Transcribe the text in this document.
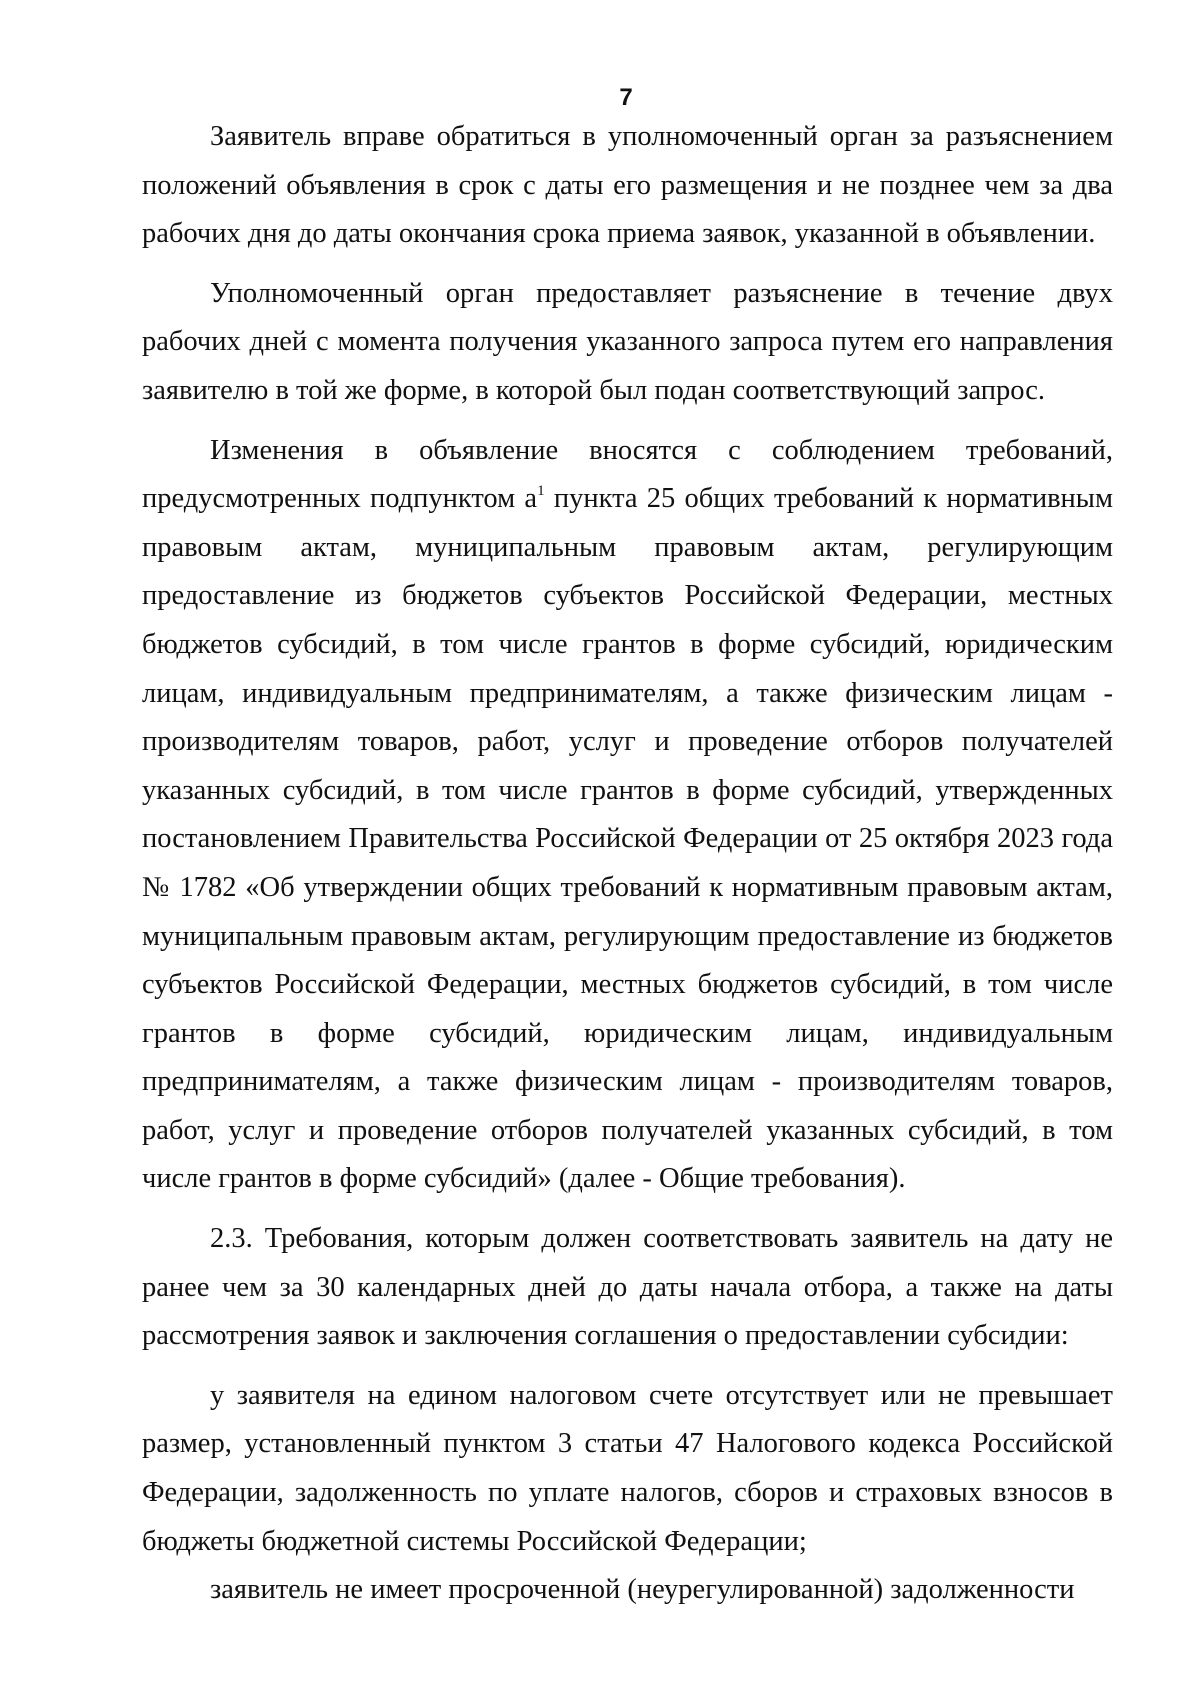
7

Заявитель вправе обратиться в уполномоченный орган за разъяснением положений объявления в срок с даты его размещения и не позднее чем за два рабочих дня до даты окончания срока приема заявок, указанной в объявлении.

Уполномоченный орган предоставляет разъяснение в течение двух рабочих дней с момента получения указанного запроса путем его направления заявителю в той же форме, в которой был подан соответствующий запрос.

Изменения в объявление вносятся с соблюдением требований, предусмотренных подпунктом $а^1$ пункта 25 общих требований к нормативным правовым актам, муниципальным правовым актам, регулирующим предоставление из бюджетов субъектов Российской Федерации, местных бюджетов субсидий, в том числе грантов в форме субсидий, юридическим лицам, индивидуальным предпринимателям, а также физическим лицам - производителям товаров, работ, услуг и проведение отборов получателей указанных субсидий, в том числе грантов в форме субсидий, утвержденных постановлением Правительства Российской Федерации от 25 октября 2023 года № 1782 «Об утверждении общих требований к нормативным правовым актам, муниципальным правовым актам, регулирующим предоставление из бюджетов субъектов Российской Федерации, местных бюджетов субсидий, в том числе грантов в форме субсидий, юридическим лицам, индивидуальным предпринимателям, а также физическим лицам - производителям товаров, работ, услуг и проведение отборов получателей указанных субсидий, в том числе грантов в форме субсидий» (далее - Общие требования).

2.3. Требования, которым должен соответствовать заявитель на дату не ранее чем за 30 календарных дней до даты начала отбора, а также на даты рассмотрения заявок и заключения соглашения о предоставлении субсидии:

у заявителя на едином налоговом счете отсутствует или не превышает размер, установленный пунктом 3 статьи 47 Налогового кодекса Российской Федерации, задолженность по уплате налогов, сборов и страховых взносов в бюджеты бюджетной системы Российской Федерации;

заявитель не имеет просроченной (неурегулированной) задолженности
